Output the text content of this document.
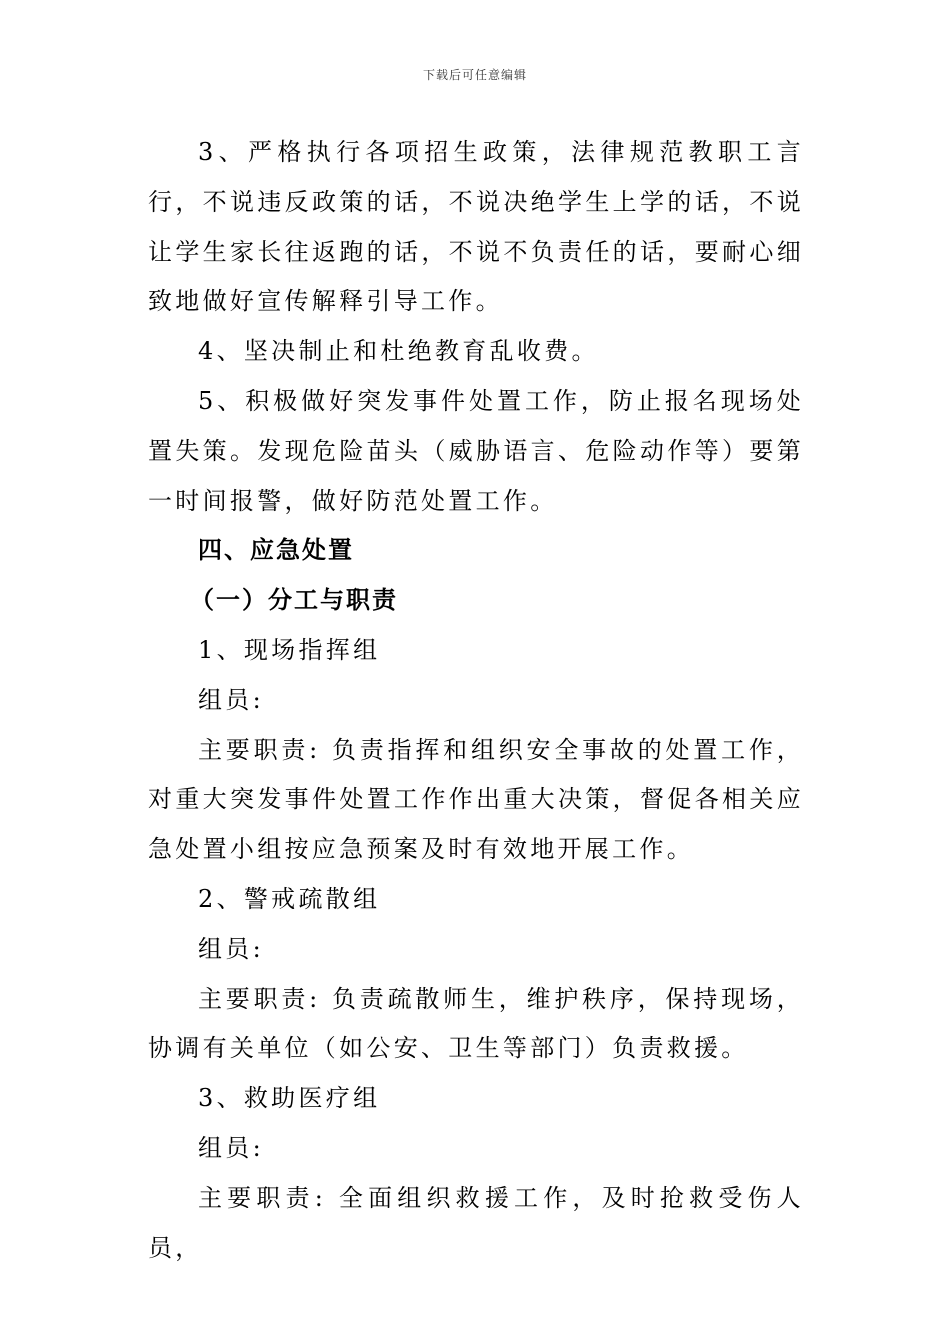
下载后可任意编辑

3、严格执行各项招生政策，法律规范教职工言行，不说违反政策的话，不说决绝学生上学的话，不说让学生家长往返跑的话，不说不负责任的话，要耐心细致地做好宣传解释引导工作。

4、坚决制止和杜绝教育乱收费。

5、积极做好突发事件处置工作，防止报名现场处置失策。发现危险苗头（威胁语言、危险动作等）要第一时间报警，做好防范处置工作。

四、应急处置

（一）分工与职责

1、现场指挥组

组员:

主要职责: 负责指挥和组织安全事故的处置工作，对重大突发事件处置工作作出重大决策，督促各相关应急处置小组按应急预案及时有效地开展工作。

2、警戒疏散组

组员:

主要职责: 负责疏散师生，维护秩序，保持现场，协调有关单位（如公安、卫生等部门）负责救援。

3、救助医疗组

组员:

主要职责: 全面组织救援工作，及时抢救受伤人员，
